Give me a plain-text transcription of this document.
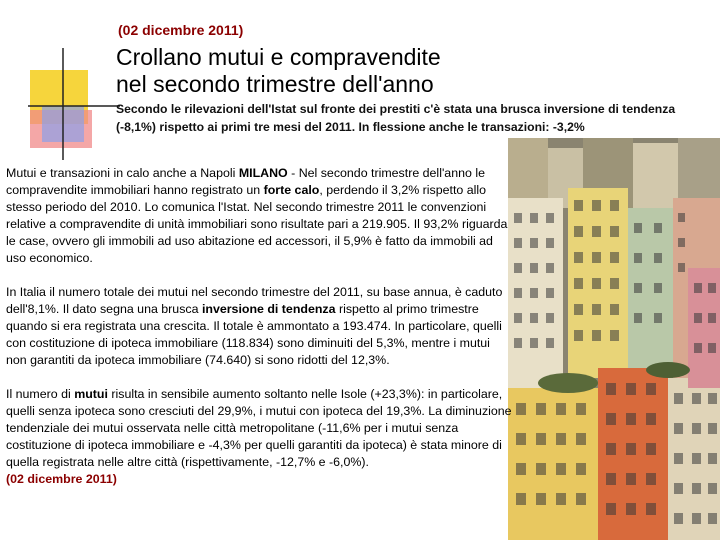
(02 dicembre 2011)
Crollano mutui e compravendite
nel secondo trimestre dell'anno
Secondo le rilevazioni dell'Istat sul fronte dei prestiti c'è stata una brusca inversione di tendenza (-8,1%) rispetto ai primi tre mesi del 2011. In flessione anche le transazioni: -3,2%

Mutui e transazioni in calo anche a Napoli MILANO - Nel secondo trimestre dell'anno le compravendite immobiliari hanno registrato un forte calo, perdendo il 3,2% rispetto allo stesso periodo del 2010. Lo comunica l'Istat. Nel secondo trimestre 2011 le convenzioni relative a compravendite di unità immobiliari sono risultate pari a 219.905. Il 93,2% riguarda le case, ovvero gli immobili ad uso abitazione ed accessori, il 5,9% è fatto da immobili ad uso economico.

In Italia il numero totale dei mutui nel secondo trimestre del 2011, su base annua, è caduto dell'8,1%. Il dato segna una brusca inversione di tendenza rispetto al primo trimestre quando si era registrata una crescita. Il totale è ammontato a 193.474. In particolare, quelli con costituzione di ipoteca immobiliare (118.834) sono diminuiti del 5,3%, mentre i mutui non garantiti da ipoteca immobiliare (74.640) si sono ridotti del 12,3%.

Il numero di mutui risulta in sensibile aumento soltanto nelle Isole (+23,3%): in particolare, quelli senza ipoteca sono cresciuti del 29,9%, i mutui con ipoteca del 19,3%. La diminuzione tendenziale dei mutui osservata nelle città metropolitane (-11,6% per i mutui senza costituzione di ipoteca immobiliare e -4,3% per quelli garantiti da ipoteca) è stata minore di quella registrata nelle altre città (rispettivamente, -12,7% e -6,0%).
(02 dicembre 2011)
